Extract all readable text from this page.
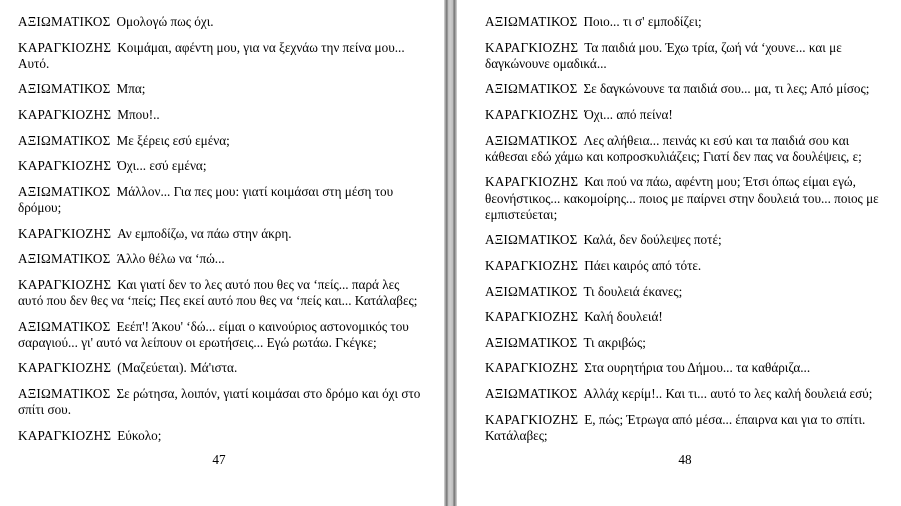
ΑΞΙΩΜΑΤΙΚΟΣ Ομολογώ πως όχι.
ΚΑΡΑΓΚΙΟΖΗΣ Κοιμάμαι, αφέντη μου, για να ξεχνάω την πείνα μου... Αυτό.
ΑΞΙΩΜΑΤΙΚΟΣ Μπα;
ΚΑΡΑΓΚΙΟΖΗΣ Μπου!..
ΑΞΙΩΜΑΤΙΚΟΣ Με ξέρεις εσύ εμένα;
ΚΑΡΑΓΚΙΟΖΗΣ Όχι... εσύ εμένα;
ΑΞΙΩΜΑΤΙΚΟΣ Μάλλον... Για πες μου: γιατί κοιμάσαι στη μέση του δρόμου;
ΚΑΡΑΓΚΙΟΖΗΣ Αν εμποδίζω, να πάω στην άκρη.
ΑΞΙΩΜΑΤΙΚΟΣ Άλλο θέλω να ‘πώ...
ΚΑΡΑΓΚΙΟΖΗΣ Και γιατί δεν το λες αυτό που θες να ‘πείς... παρά λες αυτό που δεν θες να ‘πείς; Πες εκεί αυτό που θες να ‘πείς και... Κατάλαβες;
ΑΞΙΩΜΑΤΙΚΟΣ Εεέπ'! Άκου' ‘δώ... είμαι ο καινούριος αστονομικός του σαραγιού... γι' αυτό να λείπουν οι ερωτήσεις... Εγώ ρωτάω. Γκέγκε;
ΚΑΡΑΓΚΙΟΖΗΣ (Μαζεύεται). Μά'ιστα.
ΑΞΙΩΜΑΤΙΚΟΣ Σε ρώτησα, λοιπόν, γιατί κοιμάσαι στο δρόμο και όχι στο σπίτι σου.
ΚΑΡΑΓΚΙΟΖΗΣ Εύκολο;
47
ΑΞΙΩΜΑΤΙΚΟΣ Ποιο... τι σ' εμποδίζει;
ΚΑΡΑΓΚΙΟΖΗΣ Τα παιδιά μου. Έχω τρία, ζωή νά ‘χουνε... και με δαγκώνουνε ομαδικά...
ΑΞΙΩΜΑΤΙΚΟΣ Σε δαγκώνουνε τα παιδιά σου... μα, τι λες; Από μίσος;
ΚΑΡΑΓΚΙΟΖΗΣ Όχι... από πείνα!
ΑΞΙΩΜΑΤΙΚΟΣ Λες αλήθεια... πεινάς κι εσύ και τα παιδιά σου και κάθεσαι εδώ χάμω και κοπροσκυλιάζεις; Γιατί δεν πας να δουλέψεις, ε;
ΚΑΡΑΓΚΙΟΖΗΣ Και πού να πάω, αφέντη μου; Έτσι όπως είμαι εγώ, θεονήστικος... κακομοίρης... ποιος με παίρνει στην δουλειά του... ποιος με εμπιστεύεται;
ΑΞΙΩΜΑΤΙΚΟΣ Καλά, δεν δούλεψες ποτέ;
ΚΑΡΑΓΚΙΟΖΗΣ Πάει καιρός από τότε.
ΑΞΙΩΜΑΤΙΚΟΣ Τι δουλειά έκανες;
ΚΑΡΑΓΚΙΟΖΗΣ Καλή δουλειά!
ΑΞΙΩΜΑΤΙΚΟΣ Τι ακριβώς;
ΚΑΡΑΓΚΙΟΖΗΣ Στα ουρητήρια του Δήμου... τα καθάριζα...
ΑΞΙΩΜΑΤΙΚΟΣ Αλλάχ κερίμ!.. Και τι... αυτό το λες καλή δουλειά εσύ;
ΚΑΡΑΓΚΙΟΖΗΣ Ε, πώς; Έτρωγα από μέσα... έπαιρνα και για το σπίτι. Κατάλαβες;
48
